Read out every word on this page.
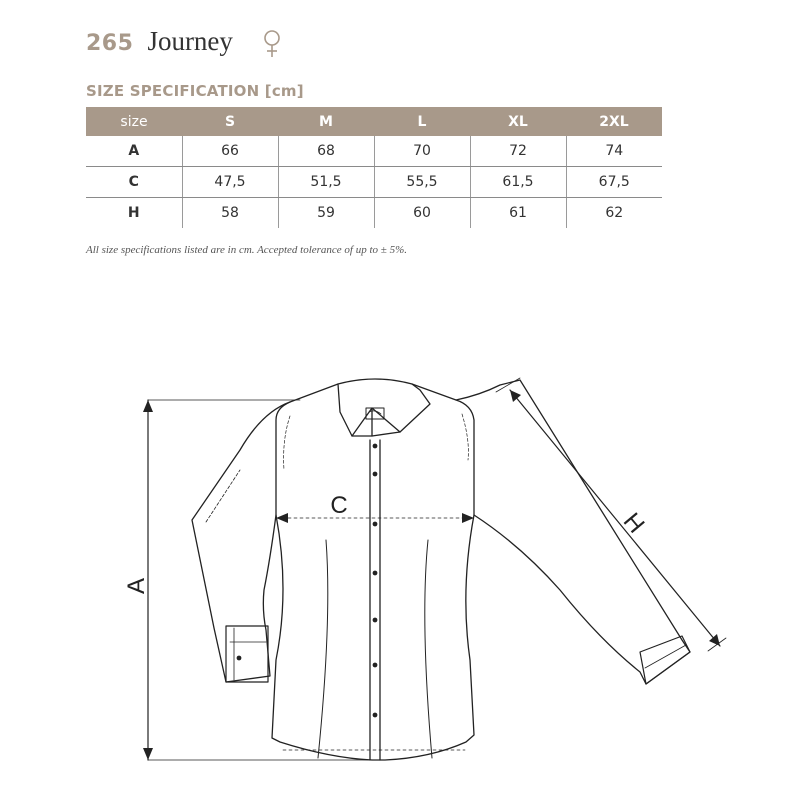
265 Journey
SIZE SPECIFICATION [cm]
size	S	M	L	XL	2XL
A	66	68	70	72	74
C	47,5	51,5	55,5	61,5	67,5
H	58	59	60	61	62
All size specifications listed are in cm. Accepted tolerance of up to ± 5%.
A
C
H
